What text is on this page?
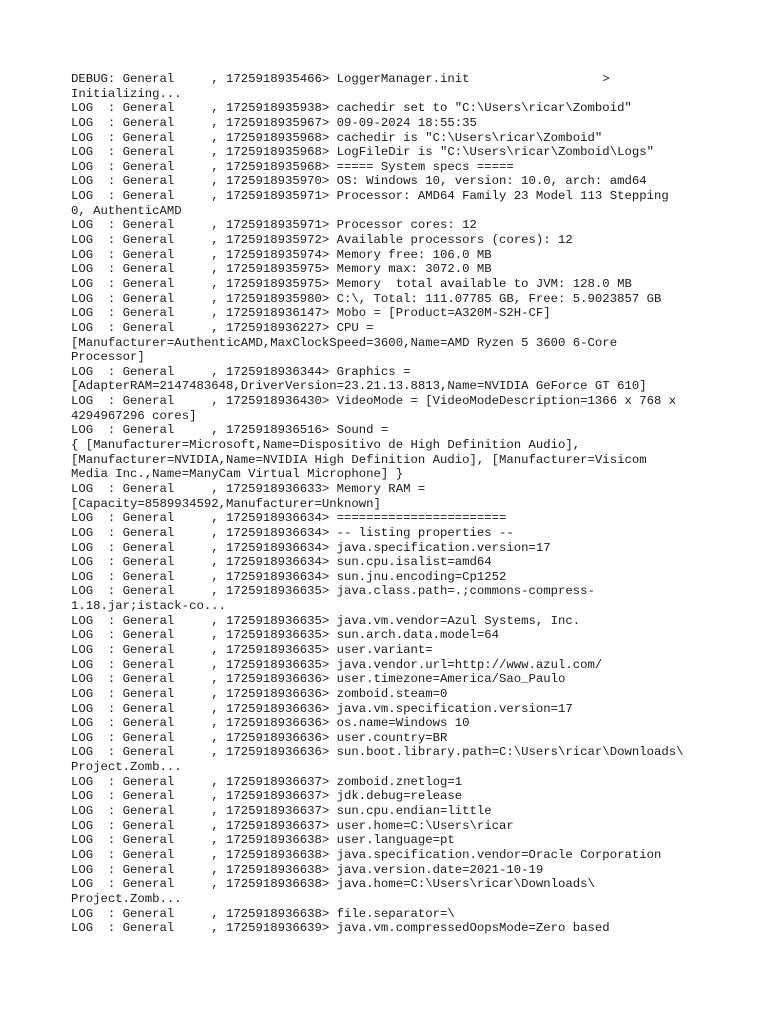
DEBUG: General     , 1725918935466> LoggerManager.init                  >
Initializing...
LOG  : General     , 1725918935938> cachedir set to "C:\Users\ricar\Zomboid"
LOG  : General     , 1725918935967> 09-09-2024 18:55:35
LOG  : General     , 1725918935968> cachedir is "C:\Users\ricar\Zomboid"
LOG  : General     , 1725918935968> LogFileDir is "C:\Users\ricar\Zomboid\Logs"
LOG  : General     , 1725918935968> ===== System specs =====
LOG  : General     , 1725918935970> OS: Windows 10, version: 10.0, arch: amd64
LOG  : General     , 1725918935971> Processor: AMD64 Family 23 Model 113 Stepping
0, AuthenticAMD
LOG  : General     , 1725918935971> Processor cores: 12
LOG  : General     , 1725918935972> Available processors (cores): 12
LOG  : General     , 1725918935974> Memory free: 106.0 MB
LOG  : General     , 1725918935975> Memory max: 3072.0 MB
LOG  : General     , 1725918935975> Memory  total available to JVM: 128.0 MB
LOG  : General     , 1725918935980> C:\, Total: 111.07785 GB, Free: 5.9023857 GB
LOG  : General     , 1725918936147> Mobo = [Product=A320M-S2H-CF]
LOG  : General     , 1725918936227> CPU =
[Manufacturer=AuthenticAMD,MaxClockSpeed=3600,Name=AMD Ryzen 5 3600 6-Core
Processor]
LOG  : General     , 1725918936344> Graphics =
[AdapterRAM=2147483648,DriverVersion=23.21.13.8813,Name=NVIDIA GeForce GT 610]
LOG  : General     , 1725918936430> VideoMode = [VideoModeDescription=1366 x 768 x
4294967296 cores]
LOG  : General     , 1725918936516> Sound =
{ [Manufacturer=Microsoft,Name=Dispositivo de High Definition Audio],
[Manufacturer=NVIDIA,Name=NVIDIA High Definition Audio], [Manufacturer=Visicom
Media Inc.,Name=ManyCam Virtual Microphone] }
LOG  : General     , 1725918936633> Memory RAM =
[Capacity=8589934592,Manufacturer=Unknown]
LOG  : General     , 1725918936634> =======================
LOG  : General     , 1725918936634> -- listing properties --
LOG  : General     , 1725918936634> java.specification.version=17
LOG  : General     , 1725918936634> sun.cpu.isalist=amd64
LOG  : General     , 1725918936634> sun.jnu.encoding=Cp1252
LOG  : General     , 1725918936635> java.class.path=.;commons-compress-
1.18.jar;istack-co...
LOG  : General     , 1725918936635> java.vm.vendor=Azul Systems, Inc.
LOG  : General     , 1725918936635> sun.arch.data.model=64
LOG  : General     , 1725918936635> user.variant=
LOG  : General     , 1725918936635> java.vendor.url=http://www.azul.com/
LOG  : General     , 1725918936636> user.timezone=America/Sao_Paulo
LOG  : General     , 1725918936636> zomboid.steam=0
LOG  : General     , 1725918936636> java.vm.specification.version=17
LOG  : General     , 1725918936636> os.name=Windows 10
LOG  : General     , 1725918936636> user.country=BR
LOG  : General     , 1725918936636> sun.boot.library.path=C:\Users\ricar\Downloads\
Project.Zomb...
LOG  : General     , 1725918936637> zomboid.znetlog=1
LOG  : General     , 1725918936637> jdk.debug=release
LOG  : General     , 1725918936637> sun.cpu.endian=little
LOG  : General     , 1725918936637> user.home=C:\Users\ricar
LOG  : General     , 1725918936638> user.language=pt
LOG  : General     , 1725918936638> java.specification.vendor=Oracle Corporation
LOG  : General     , 1725918936638> java.version.date=2021-10-19
LOG  : General     , 1725918936638> java.home=C:\Users\ricar\Downloads\
Project.Zomb...
LOG  : General     , 1725918936638> file.separator=\
LOG  : General     , 1725918936639> java.vm.compressedOopsMode=Zero based
